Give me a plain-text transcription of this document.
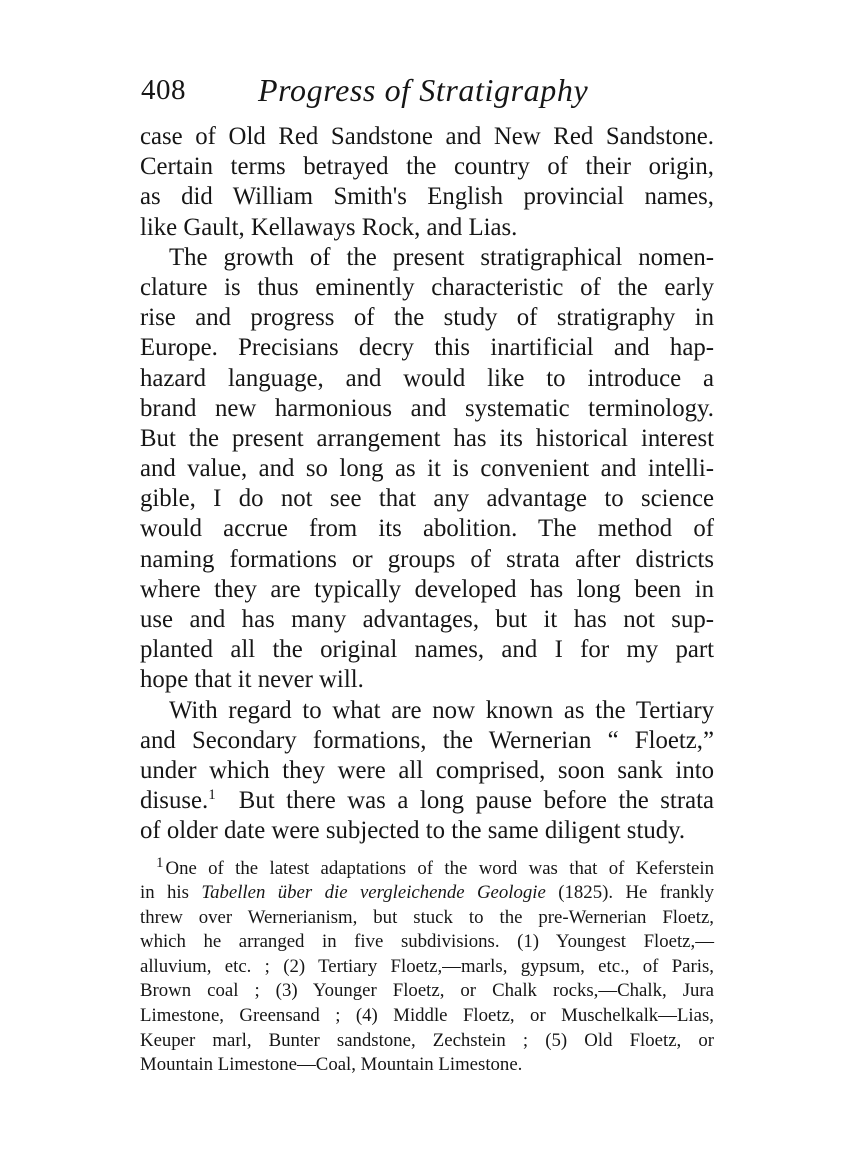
408 Progress of Stratigraphy
case of Old Red Sandstone and New Red Sandstone.
Certain terms betrayed the country of their origin,
as did William Smith's English provincial names,
like Gault, Kellaways Rock, and Lias.
The growth of the present stratigraphical nomen-
clature is thus eminently characteristic of the early
rise and progress of the study of stratigraphy in
Europe. Precisians decry this inartificial and hap-
hazard language, and would like to introduce a
brand new harmonious and systematic terminology.
But the present arrangement has its historical interest
and value, and so long as it is convenient and intelli-
gible, I do not see that any advantage to science
would accrue from its abolition. The method of
naming formations or groups of strata after districts
where they are typically developed has long been in
use and has many advantages, but it has not sup-
planted all the original names, and I for my part
hope that it never will.
With regard to what are now known as the Tertiary
and Secondary formations, the Wernerian “ Floetz,”
under which they were all comprised, soon sank into
disuse.$^1$ But there was a long pause before the strata
of older date were subjected to the same diligent study.
$^1$ One of the latest adaptations of the word was that of Keferstein
in his Tabellen über die vergleichende Geologie (1825). He frankly
threw over Wernerianism, but stuck to the pre-Wernerian Floetz,
which he arranged in five subdivisions. (1) Youngest Floetz,—
alluvium, etc. ; (2) Tertiary Floetz,—marls, gypsum, etc., of Paris,
Brown coal ; (3) Younger Floetz, or Chalk rocks,—Chalk, Jura
Limestone, Greensand ; (4) Middle Floetz, or Muschelkalk—Lias,
Keuper marl, Bunter sandstone, Zechstein ; (5) Old Floetz, or
Mountain Limestone—Coal, Mountain Limestone.
